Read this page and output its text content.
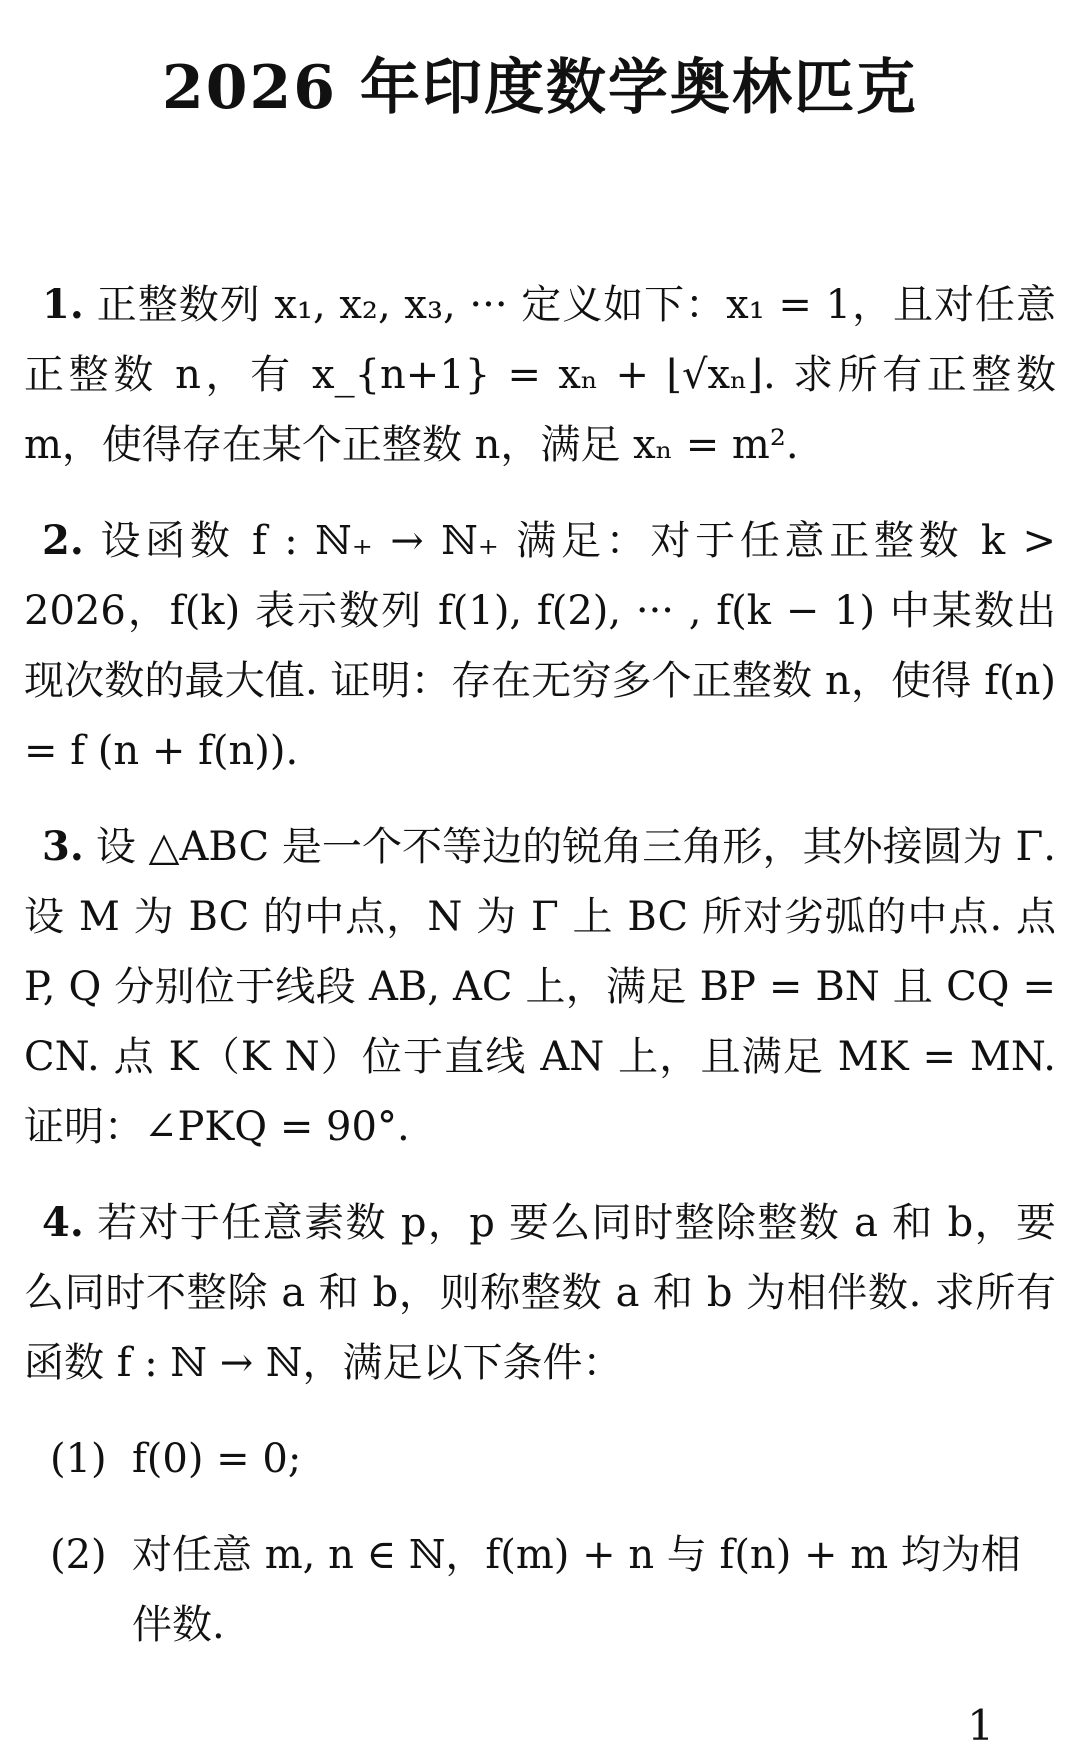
2026 年印度数学奥林匹克

1. 正整数列 x₁, x₂, x₃, ··· 定义如下：x₁ = 1，且对任意正整数 n，有 x_{n+1} = xₙ + ⌊√xₙ⌋. 求所有正整数 m，使得存在某个正整数 n，满足 xₙ = m².

2. 设函数 f : ℕ₊ → ℕ₊ 满足：对于任意正整数 k > 2026，f(k) 表示数列 f(1), f(2), ··· , f(k − 1) 中某数出现次数的最大值. 证明：存在无穷多个正整数 n，使得 f(n) = f (n + f(n)).

3. 设 △ABC 是一个不等边的锐角三角形，其外接圆为 Γ. 设 M 为 BC 的中点，N 为 Γ 上 BC 所对劣弧的中点. 点 P, Q 分别位于线段 AB, AC 上，满足 BP = BN 且 CQ = CN. 点 K（K N）位于直线 AN 上，且满足 MK = MN. 证明：∠PKQ = 90°.

4. 若对于任意素数 p，p 要么同时整除整数 a 和 b，要么同时不整除 a 和 b，则称整数 a 和 b 为相伴数. 求所有函数 f : ℕ → ℕ，满足以下条件：

(1) f(0) = 0;
(2) 对任意 m, n ∈ ℕ，f(m) + n 与 f(n) + m 均为相伴数.
1
